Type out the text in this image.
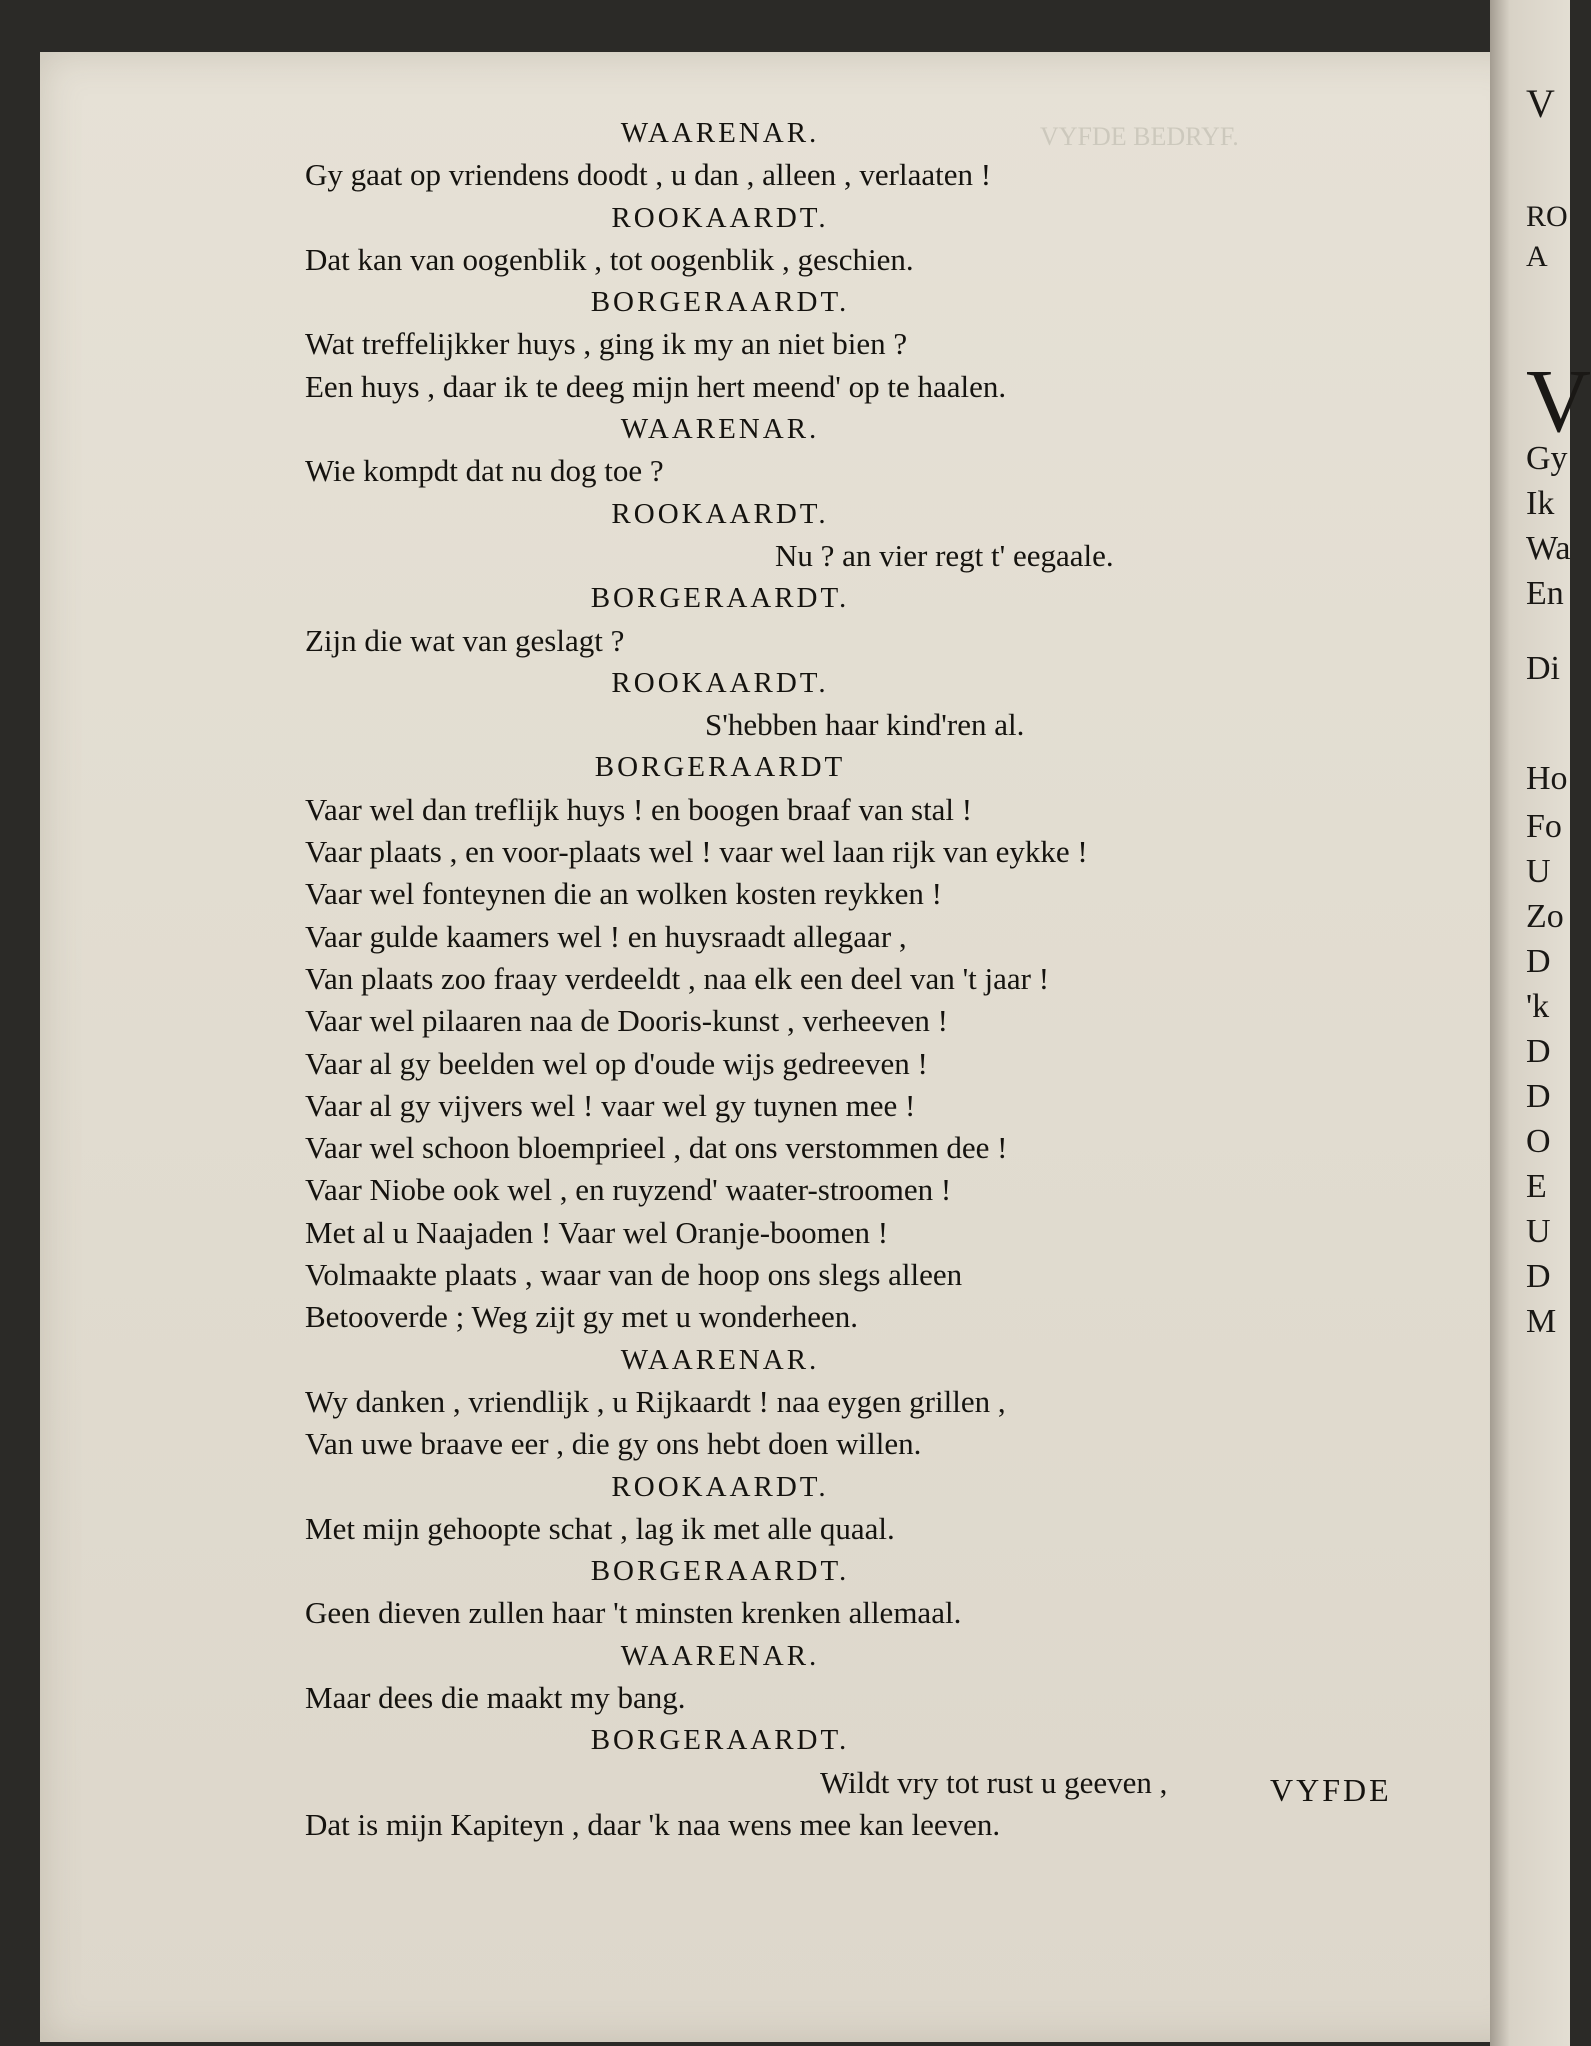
VYFDE BEDRYF.

V
RO
A
V
Gy
Ik
Wa
En
Di
Ho
Fo
U
Zo
D
'k
D
D
O
E
U
D
M
WAARENAR.
Gy gaat op vriendens doodt , u dan , alleen , verlaaten !
ROOKAARDT.
Dat kan van oogenblik , tot oogenblik , geschien.
BORGERAARDT.
Wat treffelijkker huys , ging ik my an niet bien ?
Een huys , daar ik te deeg mijn hert meend' op te haalen.
WAARENAR.
Wie kompdt dat nu dog toe ?
ROOKAARDT.
Nu ? an vier regt t' eegaale.
BORGERAARDT.
Zijn die wat van geslagt ?
ROOKAARDT.
S'hebben haar kind'ren al.
BORGERAARDT
Vaar wel dan treflijk huys ! en boogen braaf van stal !
Vaar plaats , en voor-plaats wel ! vaar wel laan rijk van eykke !
Vaar wel fonteynen die an wolken kosten reykken !
Vaar gulde kaamers wel ! en huysraadt allegaar ,
Van plaats zoo fraay verdeeldt , naa elk een deel van 't jaar !
Vaar wel pilaaren naa de Dooris-kunst , verheeven !
Vaar al gy beelden wel op d'oude wijs gedreeven !
Vaar al gy vijvers wel ! vaar wel gy tuynen mee !
Vaar wel schoon bloemprieel , dat ons verstommen dee !
Vaar Niobe ook wel , en ruyzend' waater-stroomen !
Met al u Naajaden ! Vaar wel Oranje-boomen !
Volmaakte plaats , waar van de hoop ons slegs alleen
Betooverde ; Weg zijt gy met u wonderheen.
WAARENAR.
Wy danken , vriendlijk , u Rijkaardt ! naa eygen grillen ,
Van uwe braave eer , die gy ons hebt doen willen.
ROOKAARDT.
Met mijn gehoopte schat , lag ik met alle quaal.
BORGERAARDT.
Geen dieven zullen haar 't minsten krenken allemaal.
WAARENAR.
Maar dees die maakt my bang.
BORGERAARDT.
Wildt vry tot rust u geeven ,
Dat is mijn Kapiteyn , daar 'k naa wens mee kan leeven.
VYFDE
